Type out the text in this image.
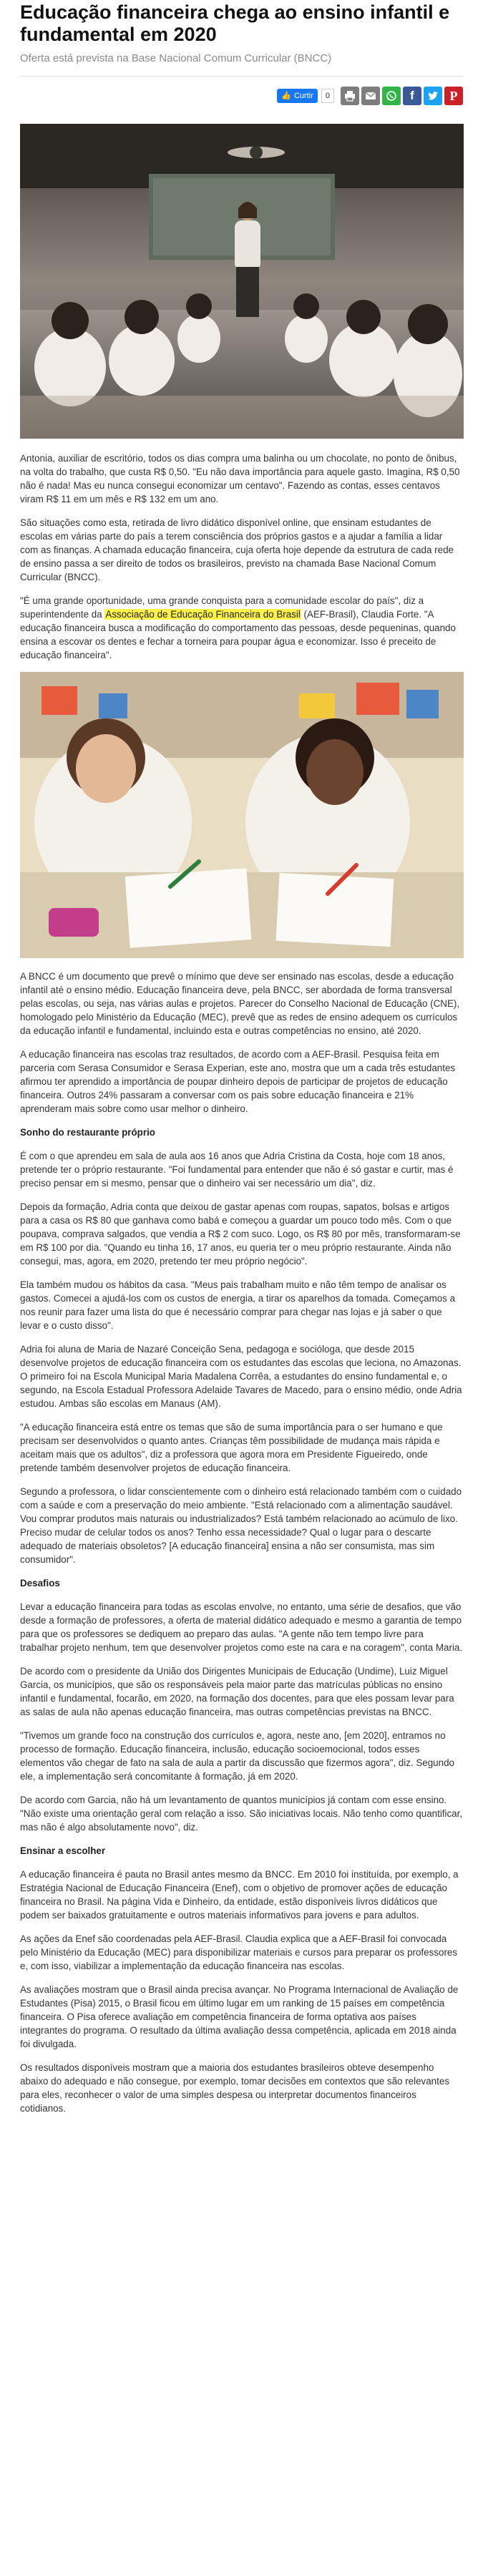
Educação financeira chega ao ensino infantil e fundamental em 2020
Oferta está prevista na Base Nacional Comum Curricular (BNCC)
👍 Curtir	0	f	P

Antonia, auxiliar de escritório, todos os dias compra uma balinha ou um chocolate, no ponto de ônibus, na volta do trabalho, que custa R$ 0,50. "Eu não dava importância para aquele gasto. Imagina, R$ 0,50 não é nada! Mas eu nunca consegui economizar um centavo". Fazendo as contas, esses centavos viram R$ 11 em um mês e R$ 132 em um ano.

São situações como esta, retirada de livro didático disponível online, que ensinam estudantes de escolas em várias parte do país a terem consciência dos próprios gastos e a ajudar a família a lidar com as finanças. A chamada educação financeira, cuja oferta hoje depende da estrutura de cada rede de ensino passa a ser direito de todos os brasileiros, previsto na chamada Base Nacional Comum Curricular (BNCC).

"É uma grande oportunidade, uma grande conquista para a comunidade escolar do país", diz a superintendente da Associação de Educação Financeira do Brasil (AEF-Brasil), Claudia Forte. "A educação financeira busca a modificação do comportamento das pessoas, desde pequeninas, quando ensina a escovar os dentes e fechar a torneira para poupar água e economizar. Isso é preceito de educação financeira".

A BNCC é um documento que prevê o mínimo que deve ser ensinado nas escolas, desde a educação infantil até o ensino médio. Educação financeira deve, pela BNCC, ser abordada de forma transversal pelas escolas, ou seja, nas várias aulas e projetos. Parecer do Conselho Nacional de Educação (CNE), homologado pelo Ministério da Educação (MEC), prevê que as redes de ensino adequem os currículos da educação infantil e fundamental, incluindo esta e outras competências no ensino, até 2020.

A educação financeira nas escolas traz resultados, de acordo com a AEF-Brasil. Pesquisa feita em parceria com Serasa Consumidor e Serasa Experian, este ano, mostra que um a cada três estudantes afirmou ter aprendido a importância de poupar dinheiro depois de participar de projetos de educação financeira. Outros 24% passaram a conversar com os pais sobre educação financeira e 21% aprenderam mais sobre como usar melhor o dinheiro.

Sonho do restaurante próprio

É com o que aprendeu em sala de aula aos 16 anos que Adria Cristina da Costa, hoje com 18 anos, pretende ter o próprio restaurante. "Foi fundamental para entender que não é só gastar e curtir, mas é preciso pensar em si mesmo, pensar que o dinheiro vai ser necessário um dia", diz.

Depois da formação, Adria conta que deixou de gastar apenas com roupas, sapatos, bolsas e artigos para a casa os R$ 80 que ganhava como babá e começou a guardar um pouco todo mês. Com o que poupava, comprava salgados, que vendia a R$ 2 com suco. Logo, os R$ 80 por mês, transformaram-se em R$ 100 por dia. "Quando eu tinha 16, 17 anos, eu queria ter o meu próprio restaurante. Ainda não consegui, mas, agora, em 2020, pretendo ter meu próprio negócio".

Ela também mudou os hábitos da casa. "Meus pais trabalham muito e não têm tempo de analisar os gastos. Comecei a ajudá-los com os custos de energia, a tirar os aparelhos da tomada. Começamos a nos reunir para fazer uma lista do que é necessário comprar para chegar nas lojas e já saber o que levar e o custo disso".

Adria foi aluna de Maria de Nazaré Conceição Sena, pedagoga e socióloga, que desde 2015 desenvolve projetos de educação financeira com os estudantes das escolas que leciona, no Amazonas. O primeiro foi na Escola Municipal Maria Madalena Corrêa, a estudantes do ensino fundamental e, o segundo, na Escola Estadual Professora Adelaide Tavares de Macedo, para o ensino médio, onde Adria estudou. Ambas são escolas em Manaus (AM).

"A educação financeira está entre os temas que são de suma importância para o ser humano e que precisam ser desenvolvidos o quanto antes. Crianças têm possibilidade de mudança mais rápida e aceitam mais que os adultos", diz a professora que agora mora em Presidente Figueiredo, onde pretende também desenvolver projetos de educação financeira.

Segundo a professora, o lidar conscientemente com o dinheiro está relacionado também com o cuidado com a saúde e com a preservação do meio ambiente. "Está relacionado com a alimentação saudável. Vou comprar produtos mais naturais ou industrializados? Está também relacionado ao acúmulo de lixo. Preciso mudar de celular todos os anos? Tenho essa necessidade? Qual o lugar para o descarte adequado de materiais obsoletos? [A educação financeira] ensina a não ser consumista, mas sim consumidor".

Desafios

Levar a educação financeira para todas as escolas envolve, no entanto, uma série de desafios, que vão desde a formação de professores, a oferta de material didático adequado e mesmo a garantia de tempo para que os professores se dediquem ao preparo das aulas. "A gente não tem tempo livre para trabalhar projeto nenhum, tem que desenvolver projetos como este na cara e na coragem", conta Maria.

De acordo com o presidente da União dos Dirigentes Municipais de Educação (Undime), Luiz Miguel Garcia, os municípios, que são os responsáveis pela maior parte das matrículas públicas no ensino infantil e fundamental, focarão, em 2020, na formação dos docentes, para que eles possam levar para as salas de aula não apenas educação financeira, mas outras competências previstas na BNCC.

"Tivemos um grande foco na construção dos currículos e, agora, neste ano, [em 2020], entramos no processo de formação. Educação financeira, inclusão, educação socioemocional, todos esses elementos vão chegar de fato na sala de aula a partir da discussão que fizermos agora", diz. Segundo ele, a implementação será concomitante à formação, já em 2020.

De acordo com Garcia, não há um levantamento de quantos municípios já contam com esse ensino. "Não existe uma orientação geral com relação a isso. São iniciativas locais. Não tenho como quantificar, mas não é algo absolutamente novo", diz.

Ensinar a escolher

A educação financeira é pauta no Brasil antes mesmo da BNCC. Em 2010 foi instituída, por exemplo, a Estratégia Nacional de Educação Financeira (Enef), com o objetivo de promover ações de educação financeira no Brasil. Na página Vida e Dinheiro, da entidade, estão disponíveis livros didáticos que podem ser baixados gratuitamente e outros materiais informativos para jovens e para adultos.

As ações da Enef são coordenadas pela AEF-Brasil. Claudia explica que a AEF-Brasil foi convocada pelo Ministério da Educação (MEC) para disponibilizar materiais e cursos para preparar os professores e, com isso, viabilizar a implementação da educação financeira nas escolas.

As avaliações mostram que o Brasil ainda precisa avançar. No Programa Internacional de Avaliação de Estudantes (Pisa) 2015, o Brasil ficou em último lugar em um ranking de 15 países em competência financeira. O Pisa oferece avaliação em competência financeira de forma optativa aos países integrantes do programa. O resultado da última avaliação dessa competência, aplicada em 2018 ainda foi divulgada.

Os resultados disponíveis mostram que a maioria dos estudantes brasileiros obteve desempenho abaixo do adequado e não consegue, por exemplo, tomar decisões em contextos que são relevantes para eles, reconhecer o valor de uma simples despesa ou interpretar documentos financeiros cotidianos.
